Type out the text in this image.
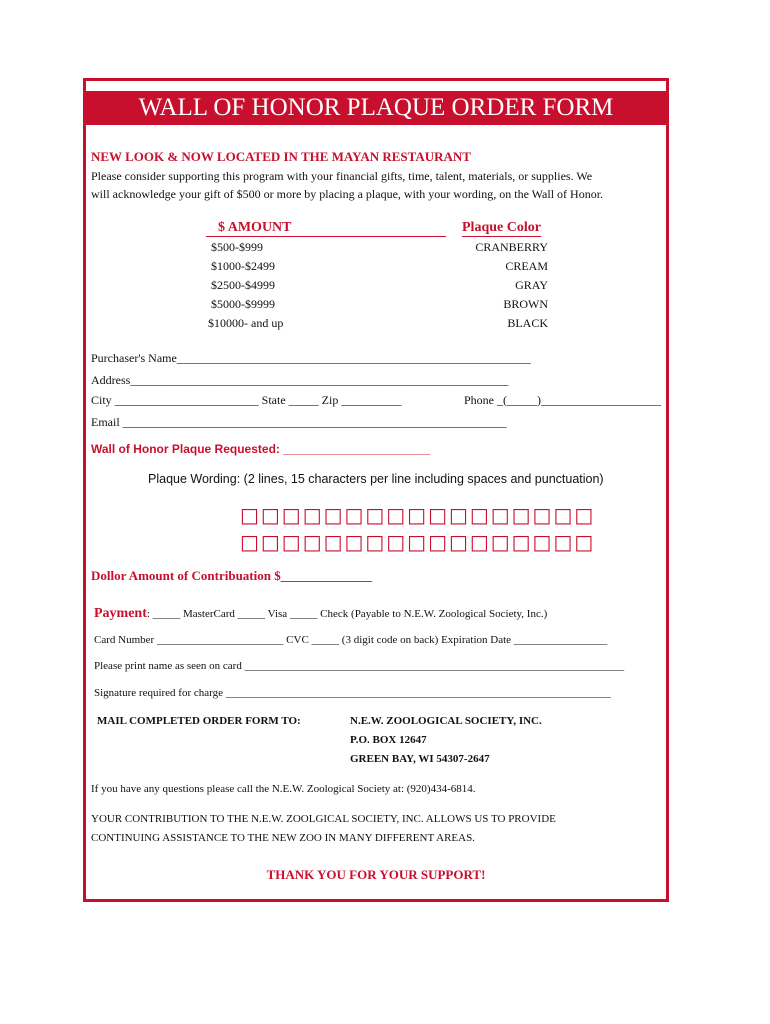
WALL OF HONOR PLAQUE ORDER FORM
NEW LOOK & NOW LOCATED IN THE MAYAN RESTAURANT
Please consider supporting this program with your financial gifts, time, talent, materials, or supplies. We
will acknowledge your gift of $500 or more by placing a plaque, with your wording, on the Wall of Honor.
$ AMOUNT	Plaque Color
$500-$999	CRANBERRY
$1000-$2499	CREAM
$2500-$4999	GRAY
$5000-$9999	BROWN
$10000- and up	BLACK
Purchaser's Name___________________________________________________________
Address_______________________________________________________________
City ________________________ State _____ Zip __________	Phone _(_____)____________________
Email ________________________________________________________________
Wall of Honor Plaque Requested: ______________________
Plaque Wording: (2 lines, 15 characters per line including spaces and punctuation)
□□□□□□□□□□□□□□□□□
□□□□□□□□□□□□□□□□□
Dollor Amount of Contribuation $______________
Payment: _____ MasterCard _____ Visa _____ Check (Payable to N.E.W. Zoological Society, Inc.)
Card Number _______________________ CVC _____ (3 digit code on back) Expiration Date _________________
Please print name as seen on card _____________________________________________________________________
Signature required for charge ______________________________________________________________________
MAIL COMPLETED ORDER FORM TO:	N.E.W. ZOOLOGICAL SOCIETY, INC.
P.O. BOX 12647
GREEN BAY, WI 54307-2647
If you have any questions please call the N.E.W. Zoological Society at: (920)434-6814.
YOUR CONTRIBUTION TO THE N.E.W. ZOOLGICAL SOCIETY, INC. ALLOWS US TO PROVIDE
CONTINUING ASSISTANCE TO THE NEW ZOO IN MANY DIFFERENT AREAS.
THANK YOU FOR YOUR SUPPORT!
